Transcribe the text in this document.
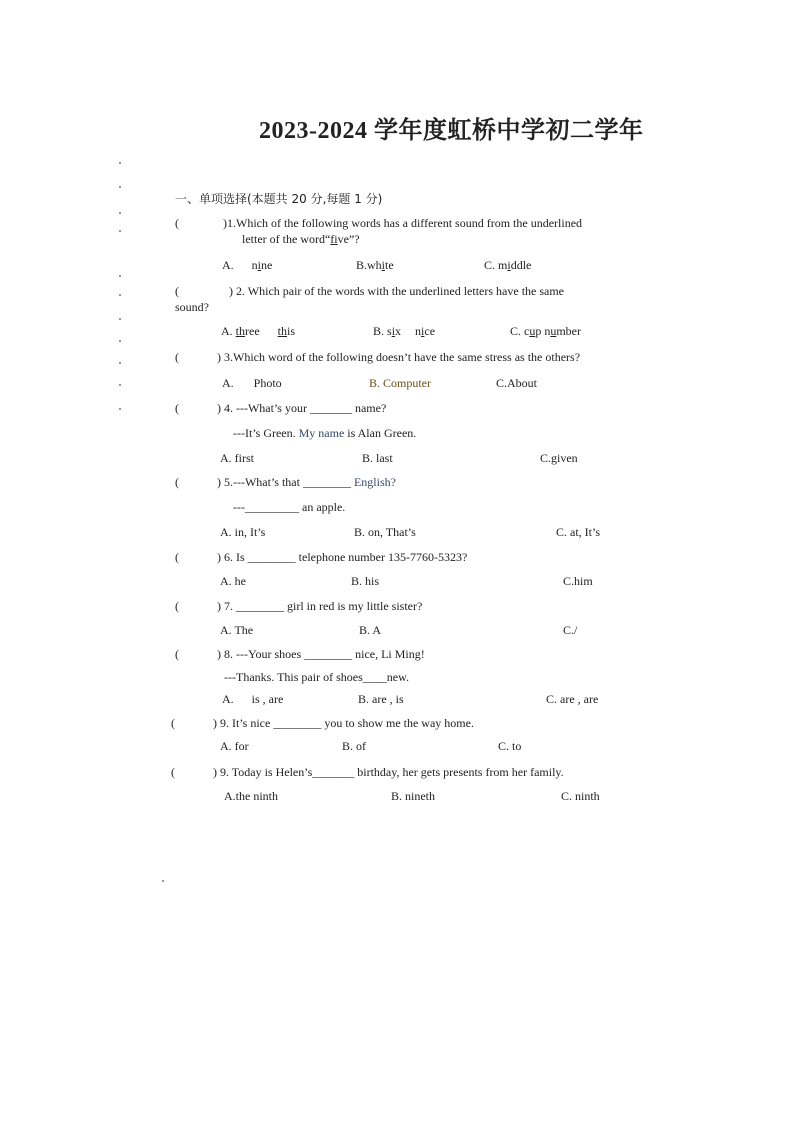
2023-2024 学年度虹桥中学初二学年
一、单项选择(本题共 20 分,每题 1 分)
(	)1.Which of the following words has a different sound from the underlined
letter of the word“five”?
A. nine	B.white	C. middle
(	) 2. Which pair of the words with the underlined letters have the same
sound?
A. three this	B. six nice	C. cup number
(	) 3.Which word of the following doesn’t have the same stress as the others?
A. Photo	B. Computer	C.About
(	) 4. ---What’s your _______ name?
---It’s Green. My name is Alan Green.
A. first	B. last	C.given
(	) 5.---What’s that ________ English?
---_________ an apple.
A. in, It’s	B. on, That’s	C. at, It’s
(	) 6. Is ________ telephone number 135-7760-5323?
A. he	B. his	C.him
(	) 7. ________ girl in red is my little sister?
A. The	B. A	C./
(	) 8. ---Your shoes ________ nice, Li Ming!
---Thanks. This pair of shoes____new.
A. is , are	B. are , is	C. are , are
(	) 9. It’s nice ________ you to show me the way home.
A. for	B. of	C. to
(	) 9. Today is Helen’s_______ birthday, her gets presents from her family.
A.the ninth	B. nineth	C. ninth
